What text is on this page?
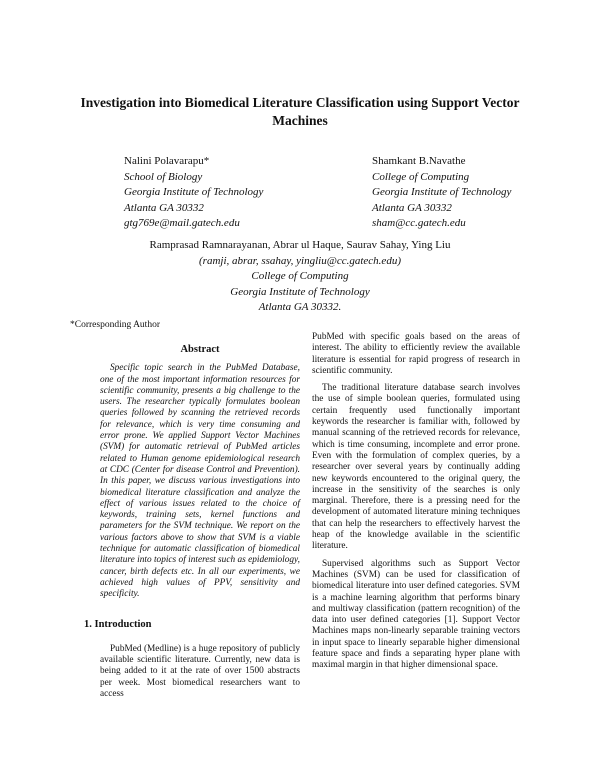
Investigation into Biomedical Literature Classification using Support Vector Machines
Nalini Polavarapu*
School of Biology
Georgia Institute of Technology
Atlanta GA 30332
gtg769e@mail.gatech.edu
Shamkant B.Navathe
College of Computing
Georgia Institute of Technology
Atlanta GA 30332
sham@cc.gatech.edu
Ramprasad Ramnarayanan, Abrar ul Haque, Saurav Sahay, Ying Liu
(ramji, abrar, ssahay, yingliu@cc.gatech.edu)
College of Computing
Georgia Institute of Technology
Atlanta GA 30332.
*Corresponding Author
Abstract

Specific topic search in the PubMed Database, one of the most important information resources for scientific community, presents a big challenge to the users. The researcher typically formulates boolean queries followed by scanning the retrieved records for relevance, which is very time consuming and error prone. We applied Support Vector Machines (SVM) for automatic retrieval of PubMed articles related to Human genome epidemiological research at CDC (Center for disease Control and Prevention). In this paper, we discuss various investigations into biomedical literature classification and analyze the effect of various issues related to the choice of keywords, training sets, kernel functions and parameters for the SVM technique. We report on the various factors above to show that SVM is a viable technique for automatic classification of biomedical literature into topics of interest such as epidemiology, cancer, birth defects etc. In all our experiments, we achieved high values of PPV, sensitivity and specificity.

1. Introduction

PubMed (Medline) is a huge repository of publicly available scientific literature. Currently, new data is being added to it at the rate of over 1500 abstracts per week. Most biomedical researchers want to access

PubMed with specific goals based on the areas of interest. The ability to efficiently review the available literature is essential for rapid progress of research in scientific community.

The traditional literature database search involves the use of simple boolean queries, formulated using certain frequently used functionally important keywords the researcher is familiar with, followed by manual scanning of the retrieved records for relevance, which is time consuming, incomplete and error prone. Even with the formulation of complex queries, by a researcher over several years by continually adding new keywords encountered to the original query, the increase in the sensitivity of the searches is only marginal. Therefore, there is a pressing need for the development of automated literature mining techniques that can help the researchers to effectively harvest the heap of the knowledge available in the scientific literature.

Supervised algorithms such as Support Vector Machines (SVM) can be used for classification of biomedical literature into user defined categories. SVM is a machine learning algorithm that performs binary and multiway classification (pattern recognition) of the data into user defined categories [1]. Support Vector Machines maps non-linearly separable training vectors in input space to linearly separable higher dimensional feature space and finds a separating hyper plane with maximal margin in that higher dimensional space.
